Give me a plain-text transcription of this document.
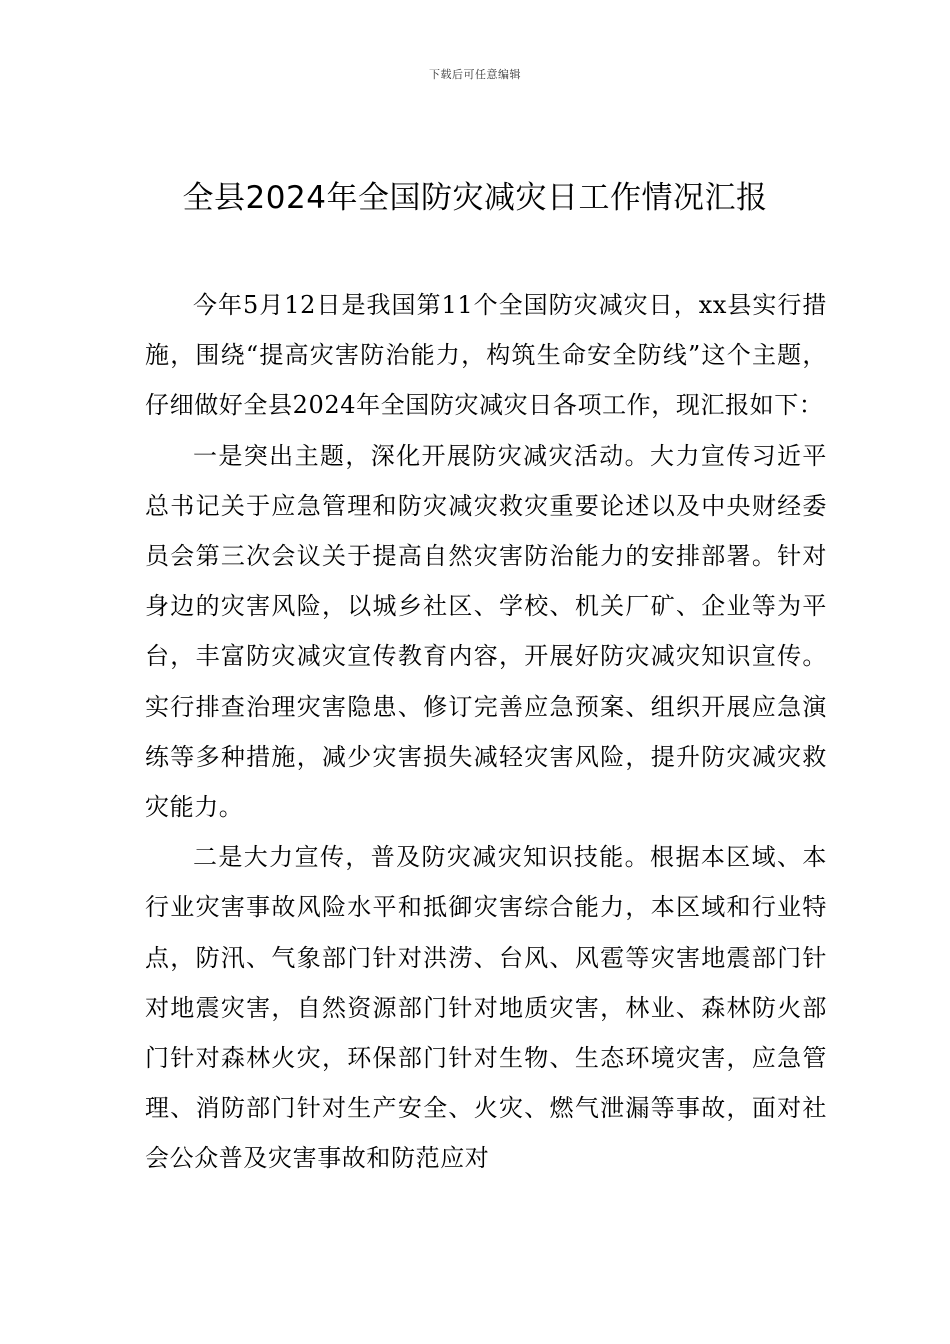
下载后可任意编辑
全县2024年全国防灾减灾日工作情况汇报

今年5月12日是我国第11个全国防灾减灾日，xx县实行措施，围绕“提高灾害防治能力，构筑生命安全防线”这个主题，仔细做好全县2024年全国防灾减灾日各项工作，现汇报如下：

一是突出主题，深化开展防灾减灾活动。大力宣传习近平总书记关于应急管理和防灾减灾救灾重要论述以及中央财经委员会第三次会议关于提高自然灾害防治能力的安排部署。针对身边的灾害风险，以城乡社区、学校、机关厂矿、企业等为平台，丰富防灾减灾宣传教育内容，开展好防灾减灾知识宣传。实行排查治理灾害隐患、修订完善应急预案、组织开展应急演练等多种措施，减少灾害损失减轻灾害风险，提升防灾减灾救灾能力。

二是大力宣传，普及防灾减灾知识技能。根据本区域、本行业灾害事故风险水平和抵御灾害综合能力，本区域和行业特点，防汛、气象部门针对洪涝、台风、风雹等灾害地震部门针对地震灾害，自然资源部门针对地质灾害，林业、森林防火部门针对森林火灾，环保部门针对生物、生态环境灾害，应急管理、消防部门针对生产安全、火灾、燃气泄漏等事故，面对社会公众普及灾害事故和防范应对
